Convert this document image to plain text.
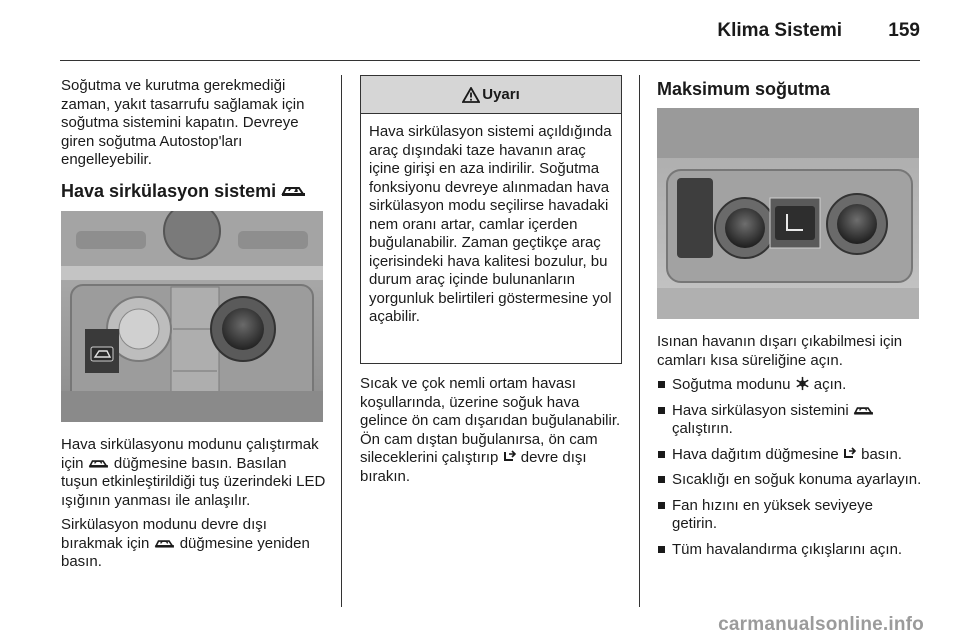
Klima Sistemi 159

Soğutma ve kurutma gerekmediği zaman, yakıt tasarrufu sağlamak için soğutma sistemini kapatın. Devreye giren soğutma Autostop'ları engelleyebilir.

Hava sirkülasyon sistemi

Hava sirkülasyonu modunu çalıştırmak için düğmesine basın. Basılan tuşun etkinleştirildiği tuş üzerindeki LED ışığının yanması ile anlaşılır.

Sirkülasyon modunu devre dışı bırakmak için düğmesine yeniden basın.

Uyarı
Hava sirkülasyon sistemi açıldığında araç dışındaki taze havanın araç içine girişi en aza indirilir. Soğutma fonksiyonu devreye alınmadan hava sirkülasyon modu seçilirse havadaki nem oranı artar, camlar içerden buğulanabilir. Zaman geçtikçe araç içerisindeki hava kalitesi bozulur, bu durum araç içinde bulunanların yorgunluk belirtileri göstermesine yol açabilir.

Sıcak ve çok nemli ortam havası koşullarında, üzerine soğuk hava gelince ön cam dışarıdan buğulanabilir. Ön cam dıştan buğulanırsa, ön cam sileceklerini çalıştırıp devre dışı bırakın.

Maksimum soğutma

Isınan havanın dışarı çıkabilmesi için camları kısa süreliğine açın.

Soğutma modunu açın.
Hava sirkülasyon sistemini  çalıştırın.
Hava dağıtım düğmesine basın.
Sıcaklığı en soğuk konuma ayarlayın.
Fan hızını en yüksek seviyeye getirin.
Tüm havalandırma çıkışlarını açın.
carmanualsonline.info
